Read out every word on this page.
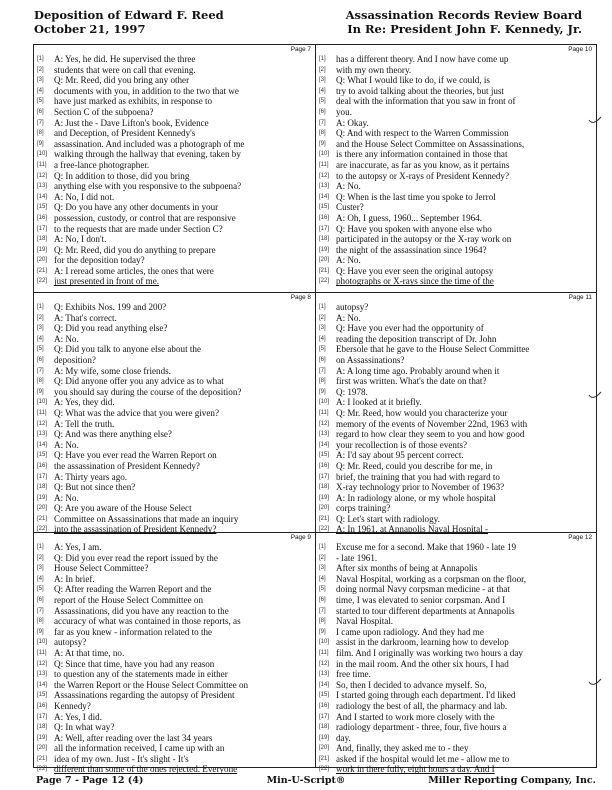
Deposition of Edward F. Reed
October 21, 1997
Assassination Records Review Board
In Re: President John F. Kennedy, Jr.
Page 7
[1] A: Yes, he did. He supervised the three
[2] students that were on call that evening.
[3] Q: Mr. Reed, did you bring any other
[4] documents with you, in addition to the two that we
[5] have just marked as exhibits, in response to
[6] Section C of the subpoena?
[7] A: Just the - Dave Lifton's book, Evidence
[8] and Deception, of President Kennedy's
[9] assassination. And included was a photograph of me
[10] walking through the hallway that evening, taken by
[11] a free-lance photographer.
[12] Q: In addition to those, did you bring
[13] anything else with you responsive to the subpoena?
[14] A: No, I did not.
[15] Q: Do you have any other documents in your
[16] possession, custody, or control that are responsive
[17] to the requests that are made under Section C?
[18] A: No, I don't.
[19] Q: Mr. Reed, did you do anything to prepare
[20] for the deposition today?
[21] A: I reread some articles, the ones that were
[22] just presented in front of me.
Page 10
[1] has a different theory. And I now have come up
[2] with my own theory.
[3] Q: What I would like to do, if we could, is
[4] try to avoid talking about the theories, but just
[5] deal with the information that you saw in front of
[6] you.
[7] A: Okay.
[8] Q: And with respect to the Warren Commission
[9] and the House Select Committee on Assassinations,
[10] is there any information contained in those that
[11] are inaccurate, as far as you know, as it pertains
[12] to the autopsy or X-rays of President Kennedy?
[13] A: No.
[14] Q: When is the last time you spoke to Jerrol
[15] Custer?
[16] A: Oh, I guess, 1960... September 1964.
[17] Q: Have you spoken with anyone else who
[18] participated in the autopsy or the X-ray work on
[19] the night of the assassination since 1964?
[20] A: No.
[21] Q: Have you ever seen the original autopsy
[22] photographs or X-rays since the time of the
Page 8
[1] Q: Exhibits Nos. 199 and 200?
[2] A: That's correct.
[3] Q: Did you read anything else?
[4] A: No.
[5] Q: Did you talk to anyone else about the
[6] deposition?
[7] A: My wife, some close friends.
[8] Q: Did anyone offer you any advice as to what
[9] you should say during the course of the deposition?
[10] A: Yes, they did.
[11] Q: What was the advice that you were given?
[12] A: Tell the truth.
[13] Q: And was there anything else?
[14] A: No.
[15] Q: Have you ever read the Warren Report on
[16] the assassination of President Kennedy?
[17] A: Thirty years ago.
[18] Q: But not since then?
[19] A: No.
[20] Q: Are you aware of the House Select
[21] Committee on Assassinations that made an inquiry
[22] into the assassination of President Kennedy?
Page 11
[1] autopsy?
[2] A: No.
[3] Q: Have you ever had the opportunity of
[4] reading the deposition transcript of Dr. John
[5] Ebersole that he gave to the House Select Committee
[6] on Assassinations?
[7] A: A long time ago. Probably around when it
[8] first was written. What's the date on that?
[9] Q: 1978.
[10] A: I looked at it briefly.
[11] Q: Mr. Reed, how would you characterize your
[12] memory of the events of November 22nd, 1963 with
[13] regard to how clear they seem to you and how good
[14] your recollection is of those events?
[15] A: I'd say about 95 percent correct.
[16] Q: Mr. Reed, could you describe for me, in
[17] brief, the training that you had with regard to
[18] X-ray technology prior to November of 1963?
[19] A: In radiology alone, or my whole hospital
[20] corps training?
[21] Q: Let's start with radiology.
[22] A: In 1961, at Annapolis Naval Hospital -
Page 9
[1] A: Yes, I am.
[2] Q: Did you ever read the report issued by the
[3] House Select Committee?
[4] A: In brief.
[5] Q: After reading the Warren Report and the
[6] report of the House Select Committee on
[7] Assassinations, did you have any reaction to the
[8] accuracy of what was contained in those reports, as
[9] far as you knew - information related to the
[10] autopsy?
[11] A: At that time, no.
[12] Q: Since that time, have you had any reason
[13] to question any of the statements made in either
[14] the Warren Report or the House Select Committee on
[15] Assassinations regarding the autopsy of President
[16] Kennedy?
[17] A: Yes, I did.
[18] Q: In what way?
[19] A: Well, after reading over the last 34 years
[20] all the information received, I came up with an
[21] idea of my own. Just - It's slight - It's
[22] different than some of the ones rejected. Everyone
Page 12
[1] Excuse me for a second. Make that 1960 - late 19
[2] - late 1961.
[3] After six months of being at Annapolis
[4] Naval Hospital, working as a corpsman on the floor,
[5] doing normal Navy corpsman medicine - at that
[6] time, I was elevated to senior corpsman. And I
[7] started to tour different departments at Annapolis
[8] Naval Hospital.
[9] I came upon radiology. And they had me
[10] assist in the darkroom, learning how to develop
[11] film. And I originally was working two hours a day
[12] in the mail room. And the other six hours, I had
[13] free time.
[14] So, then I decided to advance myself. So,
[15] I started going through each department. I'd liked
[16] radiology the best of all, the pharmacy and lab.
[17] And I started to work more closely with the
[18] radiology department - three, four, five hours a
[19] day.
[20] And, finally, they asked me to - they
[21] asked if the hospital would let me - allow me to
[22] work in there fully, eight hours a day. And I
Page 7 - Page 12 (4)	Min-U-Script®	Miller Reporting Company, Inc.
